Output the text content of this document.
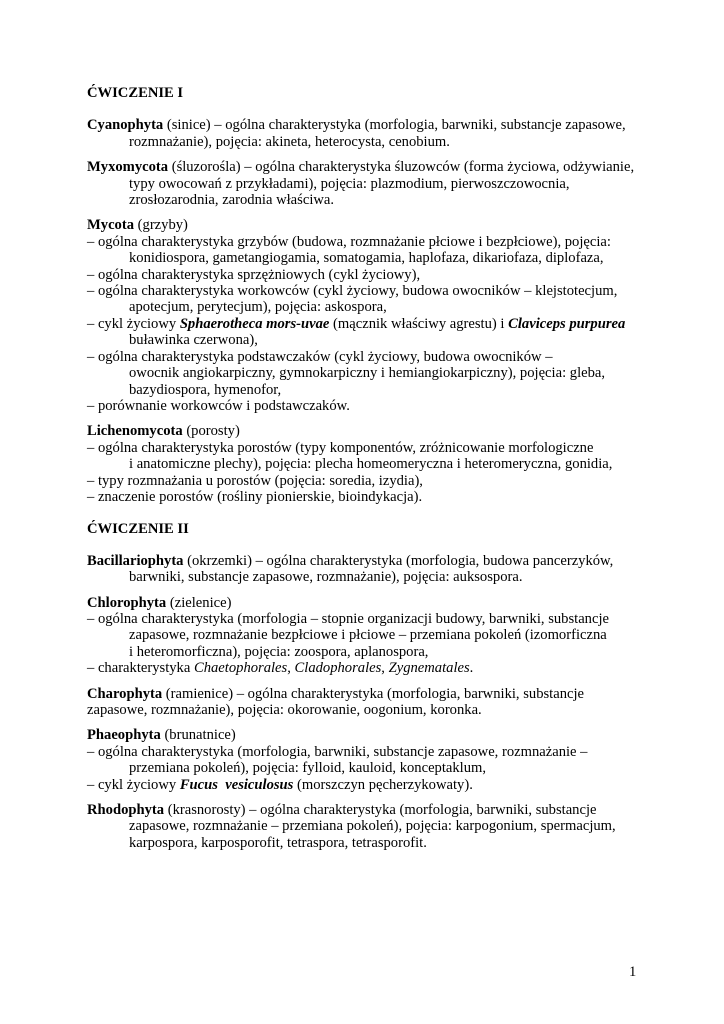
ĆWICZENIE I
Cyanophyta (sinice) – ogólna charakterystyka (morfologia, barwniki, substancje zapasowe,
rozmnażanie), pojęcia: akineta, heterocysta, cenobium.
Myxomycota (śluzorośla) – ogólna charakterystyka śluzowców (forma życiowa, odżywianie,
typy owocowań z przykładami), pojęcia: plazmodium, pierwoszczowocnia,
zrosłozarodnia, zarodnia właściwa.
Mycota (grzyby)
– ogólna charakterystyka grzybów (budowa, rozmnażanie płciowe i bezpłciowe), pojęcia:
konidiospora, gametangiogamia, somatogamia, haplofaza, dikariofaza, diplofaza,
– ogólna charakterystyka sprzężniowych (cykl życiowy),
– ogólna charakterystyka workowców (cykl życiowy, budowa owocników – klejstotecjum,
apotecjum, perytecjum), pojęcia: askospora,
– cykl życiowy Sphaerotheca mors-uvae (mącznik właściwy agrestu) i Claviceps purpurea
buławinka czerwona),
– ogólna charakterystyka podstawczaków (cykl życiowy, budowa owocników –
owocnik angiokarpiczny, gymnokarpiczny i hemiangiokarpiczny), pojęcia: gleba,
bazydiospora, hymenofor,
– porównanie workowców i podstawczaków.
Lichenomycota (porosty)
– ogólna charakterystyka porostów (typy komponentów, zróżnicowanie morfologiczne
i anatomiczne plechy), pojęcia: plecha homeomeryczna i heteromeryczna, gonidia,
– typy rozmnażania u porostów (pojęcia: soredia, izydia),
– znaczenie porostów (rośliny pionierskie, bioindykacja).
ĆWICZENIE II
Bacillariophyta (okrzemki) – ogólna charakterystyka (morfologia, budowa pancerzyków,
barwniki, substancje zapasowe, rozmnażanie), pojęcia: auksospora.
Chlorophyta (zielenice)
– ogólna charakterystyka (morfologia – stopnie organizacji budowy, barwniki, substancje
zapasowe, rozmnażanie bezpłciowe i płciowe – przemiana pokoleń (izomorficzna
i heteromorficzna), pojęcia: zoospora, aplanospora,
– charakterystyka Chaetophorales, Cladophorales, Zygnematales.
Charophyta (ramienice) – ogólna charakterystyka (morfologia, barwniki, substancje
zapasowe, rozmnażanie), pojęcia: okorowanie, oogonium, koronka.
Phaeophyta (brunatnice)
– ogólna charakterystyka (morfologia, barwniki, substancje zapasowe, rozmnażanie –
przemiana pokoleń), pojęcia: fylloid, kauloid, konceptaklum,
– cykl życiowy Fucus  vesiculosus (morszczyn pęcherzykowaty).
Rhodophyta (krasnorosty) – ogólna charakterystyka (morfologia, barwniki, substancje
zapasowe, rozmnażanie – przemiana pokoleń), pojęcia: karpogonium, spermacjum,
karpospora, karposporofit, tetraspora, tetrasporofit.
1
